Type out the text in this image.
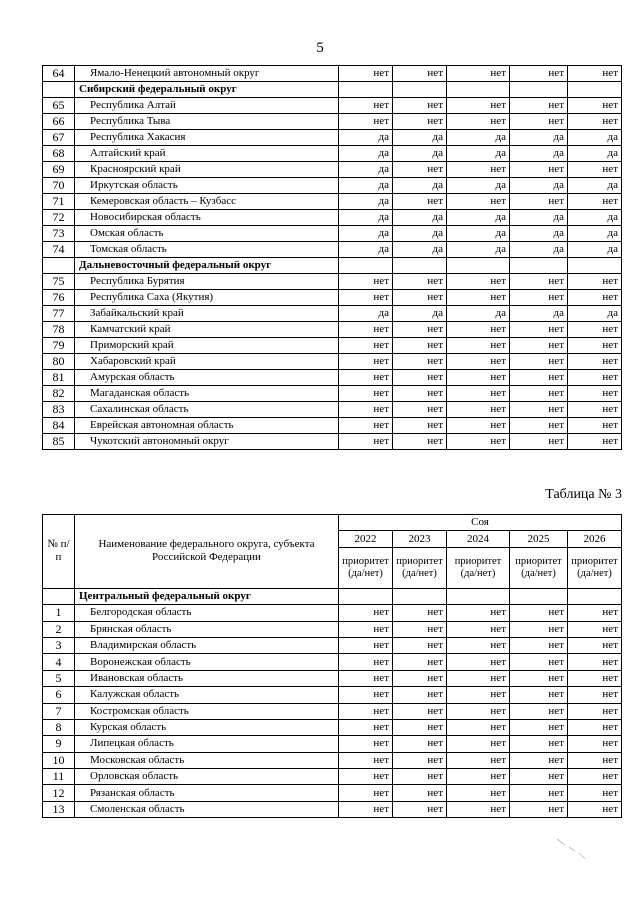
5
64	Ямало-Ненецкий автономный округ	нет	нет	нет	нет	нет
	Сибирский федеральный округ					
65	Республика Алтай	нет	нет	нет	нет	нет
66	Республика Тыва	нет	нет	нет	нет	нет
67	Республика Хакасия	да	да	да	да	да
68	Алтайский край	да	да	да	да	да
69	Красноярский край	да	нет	нет	нет	нет
70	Иркутская область	да	да	да	да	да
71	Кемеровская область – Кузбасс	да	нет	нет	нет	нет
72	Новосибирская область	да	да	да	да	да
73	Омская область	да	да	да	да	да
74	Томская область	да	да	да	да	да
	Дальневосточный федеральный округ					
75	Республика Бурятия	нет	нет	нет	нет	нет
76	Республика Саха (Якутия)	нет	нет	нет	нет	нет
77	Забайкальский край	да	да	да	да	да
78	Камчатский край	нет	нет	нет	нет	нет
79	Приморский край	нет	нет	нет	нет	нет
80	Хабаровский край	нет	нет	нет	нет	нет
81	Амурская область	нет	нет	нет	нет	нет
82	Магаданская область	нет	нет	нет	нет	нет
83	Сахалинская область	нет	нет	нет	нет	нет
84	Еврейская автономная область	нет	нет	нет	нет	нет
85	Чукотский автономный округ	нет	нет	нет	нет	нет
Таблица № 3
№ п/п	Наименование федерального округа, субъекта Российской Федерации	Соя				
		2022	2023	2024	2025	2026
		приоритет (да/нет)	приоритет (да/нет)	приоритет (да/нет)	приоритет (да/нет)	приоритет (да/нет)
	Центральный федеральный округ					
1	Белгородская область	нет	нет	нет	нет	нет
2	Брянская область	нет	нет	нет	нет	нет
3	Владимирская область	нет	нет	нет	нет	нет
4	Воронежская область	нет	нет	нет	нет	нет
5	Ивановская область	нет	нет	нет	нет	нет
6	Калужская область	нет	нет	нет	нет	нет
7	Костромская область	нет	нет	нет	нет	нет
8	Курская область	нет	нет	нет	нет	нет
9	Липецкая область	нет	нет	нет	нет	нет
10	Московская область	нет	нет	нет	нет	нет
11	Орловская область	нет	нет	нет	нет	нет
12	Рязанская область	нет	нет	нет	нет	нет
13	Смоленская область	нет	нет	нет	нет	нет
